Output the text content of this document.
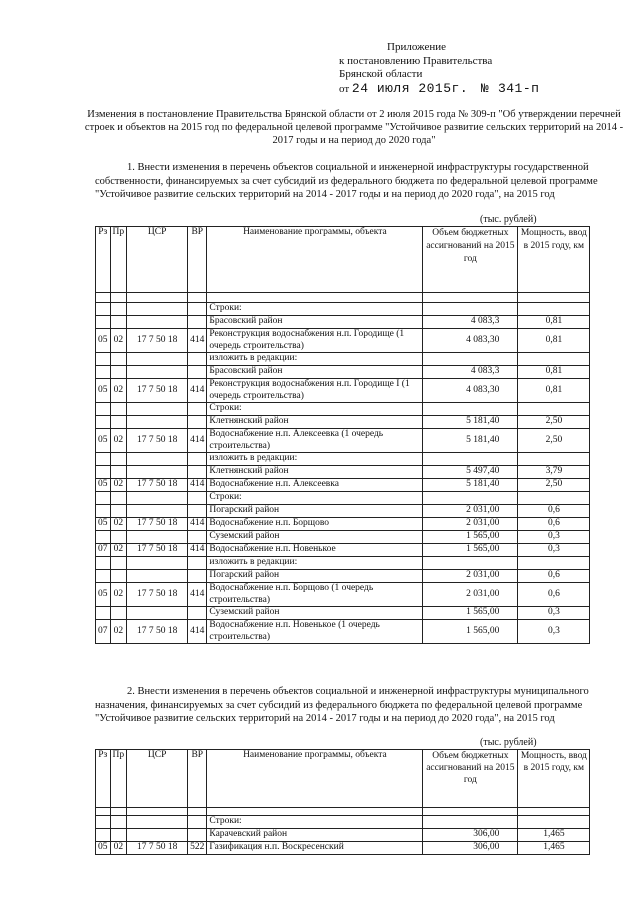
Приложение
к постановлению Правительства
Брянской области
от 24 июля 2015г. № 341-п
Изменения в постановление Правительства Брянской области от 2 июля 2015 года № 309-п "Об утверждении перечней строек и объектов на 2015 год по федеральной целевой программе "Устойчивое развитие сельских территорий на 2014 - 2017 годы и на период до 2020 года"
1. Внести изменения в перечень объектов социальной и инженерной инфраструктуры государственной собственности, финансируемых за счет субсидий из федерального бюджета по федеральной целевой программе "Устойчивое развитие сельских территорий на 2014 - 2017 годы и на период до 2020 года", на 2015 год
(тыс. рублей)
Рз	Пр	ЦСР	ВР	Наименование программы, объекта	Объем бюджетных ассигнований на 2015 год	Мощность, ввод в 2015 году, км

				Строки:		
				Брасовский район	4 083,3	0,81
05	02	17 7 50 18	414	Реконструкция водоснабжения н.п. Городище (1 очередь строительства)	4 083,30	0,81
				изложить в редакции:		
				Брасовский район	4 083,3	0,81
05	02	17 7 50 18	414	Реконструкция водоснабжения н.п. Городище I (1 очередь строительства)	4 083,30	0,81
				Строки:		
				Клетнянский район	5 181,40	2,50
05	02	17 7 50 18	414	Водоснабжение н.п. Алексеевка (1 очередь строительства)	5 181,40	2,50
				изложить в редакции:		
				Клетнянский район	5 497,40	3,79
05	02	17 7 50 18	414	Водоснабжение н.п. Алексеевка	5 181,40	2,50
				Строки:		
				Погарский район	2 031,00	0,6
05	02	17 7 50 18	414	Водоснабжение н.п. Борщово	2 031,00	0,6
				Суземский район	1 565,00	0,3
07	02	17 7 50 18	414	Водоснабжение н.п. Новенькое	1 565,00	0,3
				изложить в редакции:		
				Погарский район	2 031,00	0,6
05	02	17 7 50 18	414	Водоснабжение н.п. Борщово (1 очередь строительства)	2 031,00	0,6
				Суземский район	1 565,00	0,3
07	02	17 7 50 18	414	Водоснабжение н.п. Новенькое (1 очередь строительства)	1 565,00	0,3
2. Внести изменения в перечень объектов социальной и инженерной инфраструктуры муниципального назначения, финансируемых за счет субсидий из федерального бюджета по федеральной целевой программе "Устойчивое развитие сельских территорий на 2014 - 2017 годы и на период до 2020 года", на 2015 год
(тыс. рублей)
Рз	Пр	ЦСР	ВР	Наименование программы, объекта	Объем бюджетных ассигнований на 2015 год	Мощность, ввод в 2015 году, км

				Строки:		
				Карачевский район	306,00	1,465
05	02	17 7 50 18	522	Газификация н.п. Воскресенский	306,00	1,465
